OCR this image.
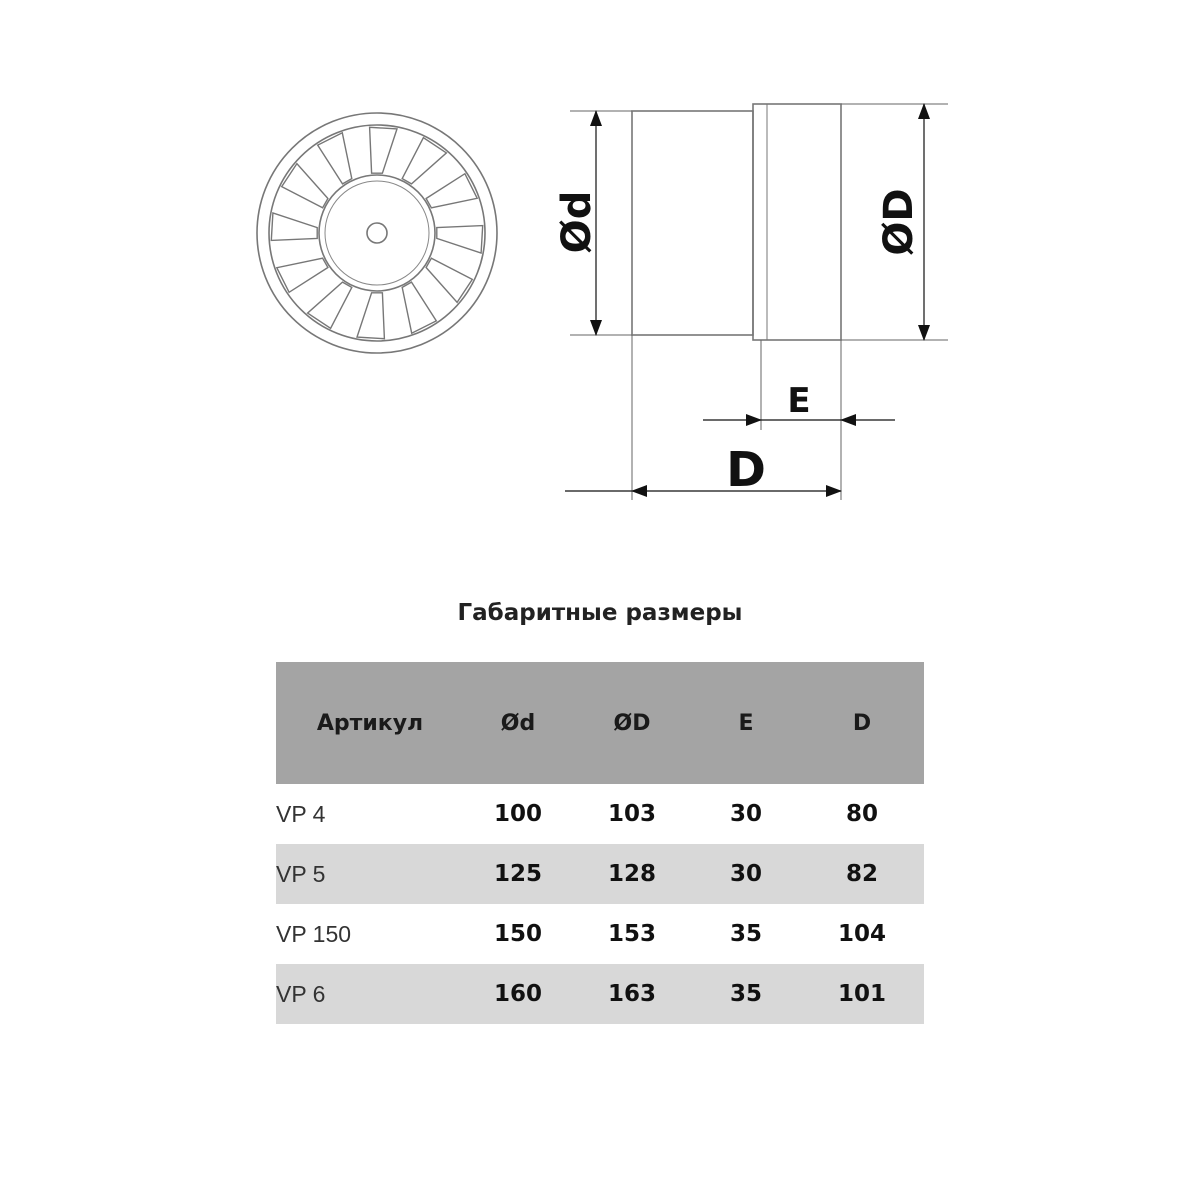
Ød	ØD
E
D
Габаритные размеры
Артикул	Ød	ØD	E	D
VP 4	100	103	30	80
VP 5	125	128	30	82
VP 150	150	153	35	104
VP 6	160	163	35	101
